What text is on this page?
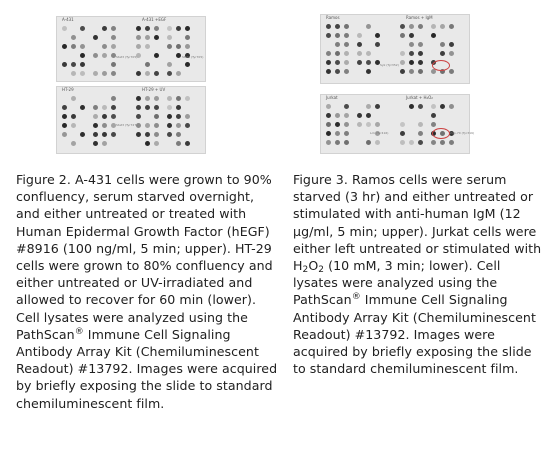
A-431	A-431 +EGF
Stat3 (Tyr705)	Stat3 (Tyr705)
HT-29	HT-29 + UV
Stat3 (Tyr727)
Figure 2. A-431 cells were grown to 90% confluency, serum starved overnight, and either untreated or treated with Human Epidermal Growth Factor (hEGF) #8916 (100 ng/ml, 5 min; upper). HT-29 cells were grown to 80% confluency and either untreated or UV-irradiated and allowed to recover for 60 min (lower). Cell lysates were analyzed using the PathScan® Immune Cell Signaling Antibody Array Kit (Chemiluminescent Readout) #13792. Images were acquired by briefly exposing the slide to standard chemiluminescent film.
Ramos	Ramos + IgM
Syk (Tyr352)
Jurkat	Jurkat + H₂O₂
Lck (Tyr416)	Zap-70 (Tyr319)
Figure 3. Ramos cells were serum starved (3 hr) and either untreated or stimulated with anti-human IgM (12 µg/ml, 5 min; upper). Jurkat cells were either left untreated or stimulated with $H_2O_2$ (10 mM, 3 min; lower). Cell lysates were analyzed using the PathScan® Immune Cell Signaling Antibody Array Kit (Chemiluminescent Readout) #13792. Images were acquired by briefly exposing the slide to standard chemiluminescent film.
